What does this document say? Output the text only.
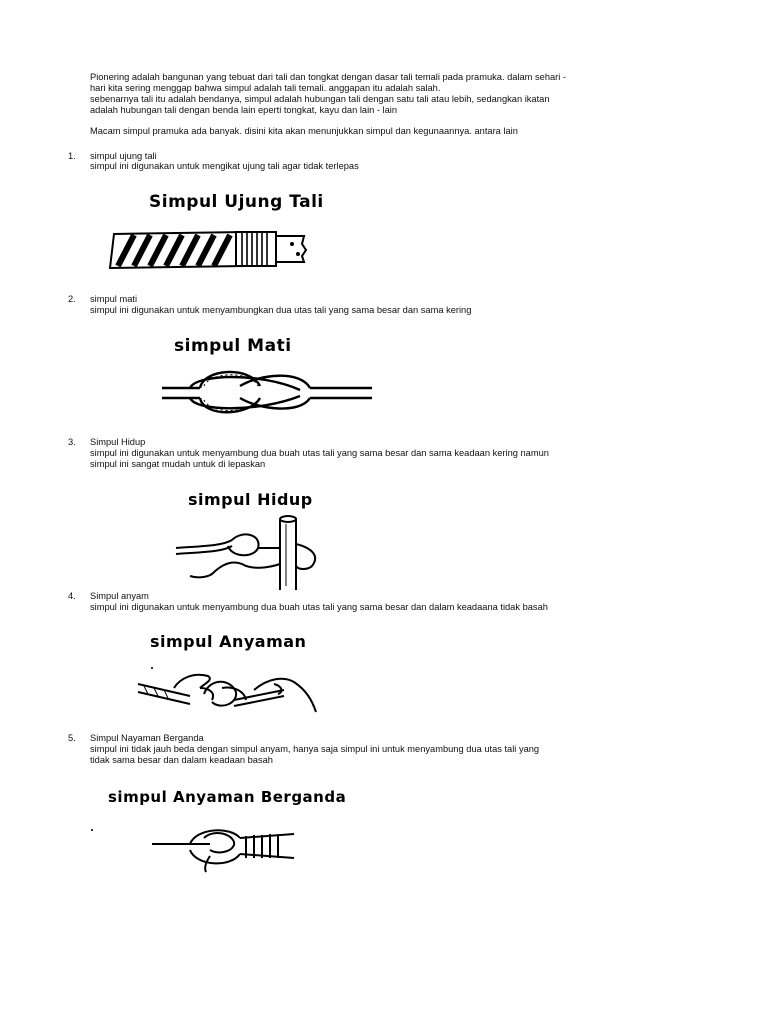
Pionering adalah bangunan yang tebuat dari tali dan tongkat dengan dasar tali temali pada pramuka. dalam sehari -
hari kita sering menggap bahwa simpul adalah tali temali. anggapan itu adalah salah.
sebenarnya tali itu adalah bendanya, simpul adalah hubungan tali dengan satu tali atau lebih, sedangkan ikatan
adalah hubungan tali dengan benda lain eperti tongkat, kayu dan lain - lain
Macam simpul pramuka ada banyak. disini kita akan menunjukkan simpul dan kegunaannya. antara lain
1. simpul ujung tali
simpul ini digunakan untuk mengikat ujung tali agar tidak terlepas
Simpul Ujung Tali
2. simpul mati
simpul ini digunakan untuk menyambungkan dua utas tali yang sama besar dan sama kering
simpul Mati
3. Simpul Hidup
simpul ini digunakan untuk menyambung dua buah utas tali yang sama besar dan sama keadaan kering namun
simpul ini sangat mudah untuk di lepaskan
simpul Hidup
4. Simpul anyam
simpul ini digunakan untuk menyambung dua buah utas tali yang sama besar dan dalam keadaana tidak basah
simpul Anyaman
5. Simpul Nayaman Berganda
simpul ini tidak jauh beda dengan simpul anyam, hanya saja simpul ini untuk menyambung dua utas tali yang
tidak sama besar dan dalam keadaan basah
simpul Anyaman Berganda
